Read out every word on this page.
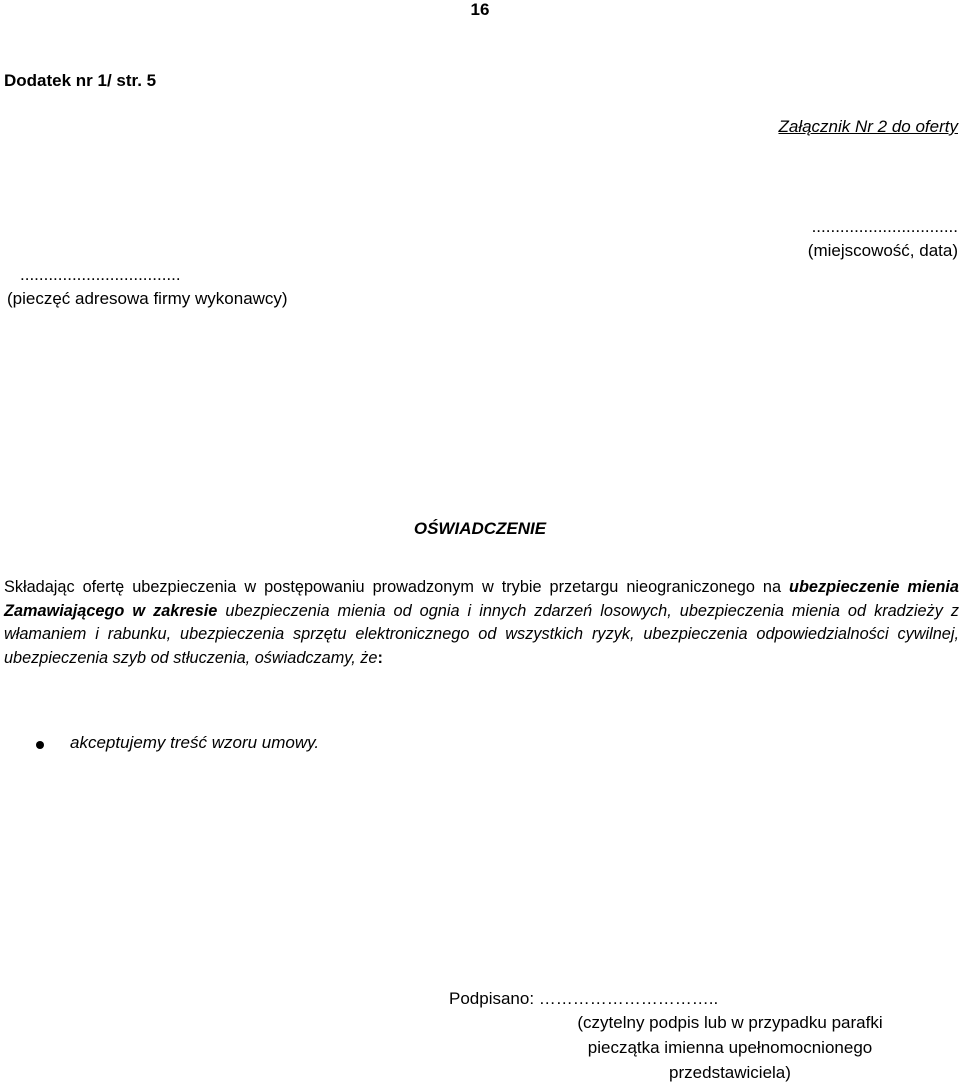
16
Dodatek nr 1/ str. 5
Załącznik Nr 2 do oferty
...............................
(miejscowość, data)
..................................
(pieczęć adresowa firmy wykonawcy)
OŚWIADCZENIE
Składając ofertę ubezpieczenia w postępowaniu prowadzonym w trybie przetargu nieograniczonego na ubezpieczenie mienia Zamawiającego w zakresie ubezpieczenia mienia od ognia i innych zdarzeń losowych, ubezpieczenia mienia od kradzieży z włamaniem i rabunku, ubezpieczenia sprzętu elektronicznego od wszystkich ryzyk, ubezpieczenia odpowiedzialności cywilnej, ubezpieczenia szyb od stłuczenia, oświadczamy, że:
akceptujemy treść wzoru umowy.
Podpisano: …………………………..
(czytelny podpis lub w przypadku parafki
pieczątka imienna upełnomocnionego
przedstawiciela)
